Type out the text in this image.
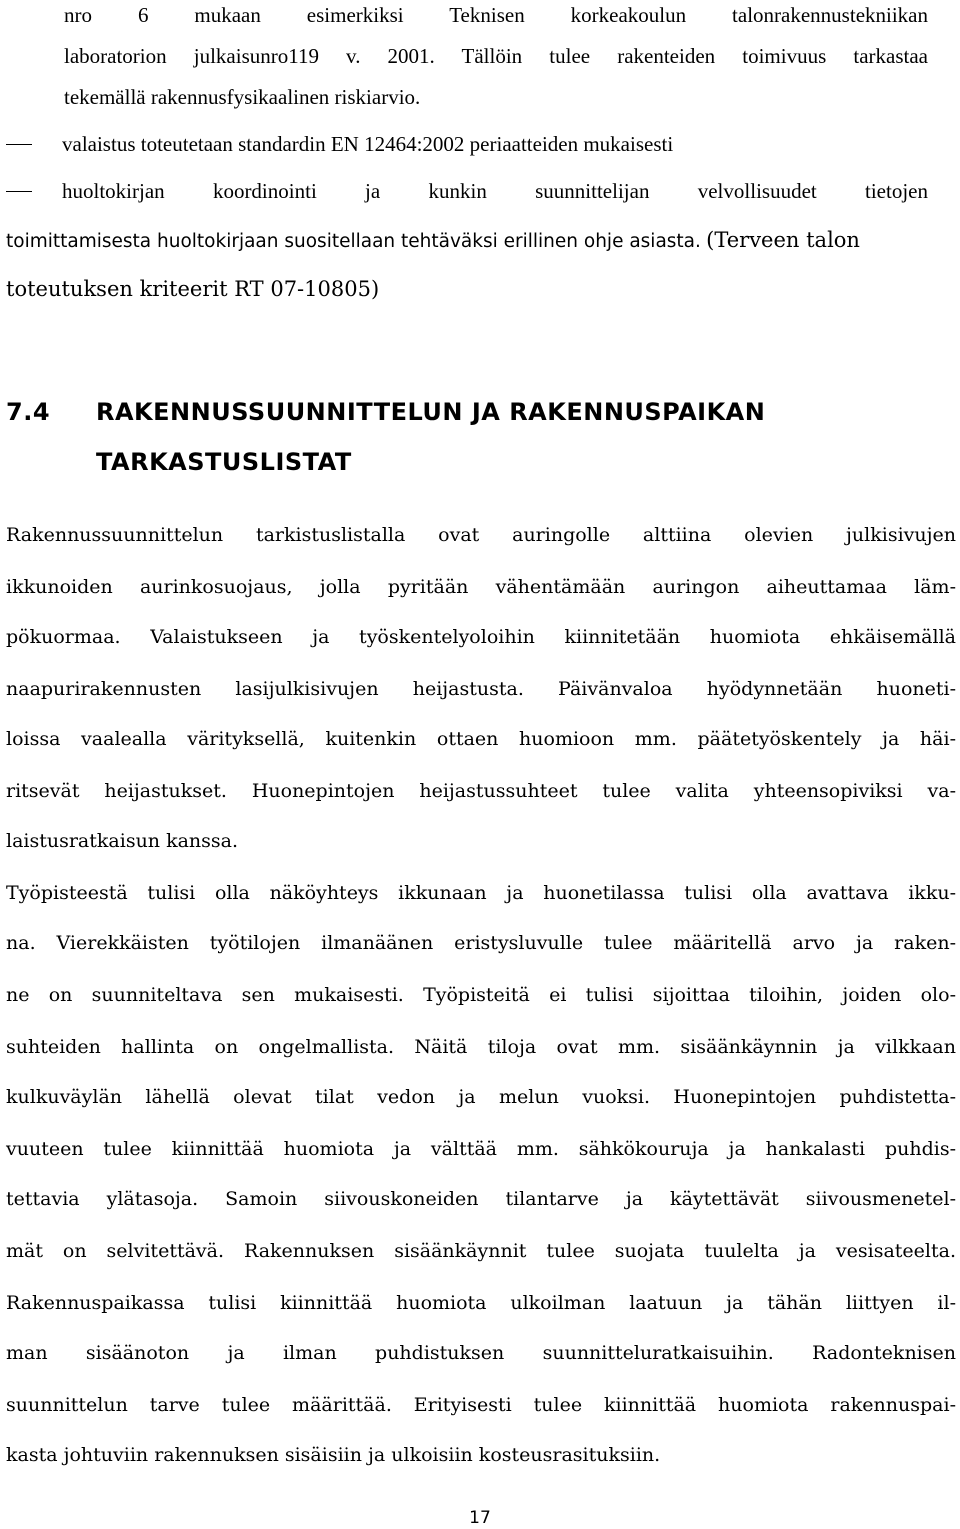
nro 6 mukaan esimerkiksi Teknisen korkeakoulun talonrakennustekniikan
laboratorion julkaisunro119 v. 2001. Tällöin tulee rakenteiden toimivuus tarkastaa
tekemällä rakennusfysikaalinen riskiarvio.
valaistus toteutetaan standardin EN 12464:2002 periaatteiden mukaisesti
huoltokirjan koordinointi ja kunkin suunnittelijan velvollisuudet tietojen
toimittamisesta huoltokirjaan suositellaan tehtäväksi erillinen ohje asiasta. (Terveen talon
toteutuksen kriteerit RT 07-10805)
7.4 RAKENNUSSUUNNITTELUN JA RAKENNUSPAIKAN
TARKASTUSLISTAT
Rakennussuunnittelun tarkistuslistalla ovat auringolle alttiina olevien julkisivujen
ikkunoiden aurinkosuojaus, jolla pyritään vähentämään auringon aiheuttamaa läm-
pökuormaa. Valaistukseen ja työskentelyoloihin kiinnitetään huomiota ehkäisemällä
naapurirakennusten lasijulkisivujen heijastusta. Päivänvaloa hyödynnetään huoneti-
loissa vaalealla värityksellä, kuitenkin ottaen huomioon mm. päätetyöskentely ja häi-
ritsevät heijastukset. Huonepintojen heijastussuhteet tulee valita yhteensopiviksi va-
laistusratkaisun kanssa.
Työpisteestä tulisi olla näköyhteys ikkunaan ja huonetilassa tulisi olla avattava ikku-
na. Vierekkäisten työtilojen ilmanäänen eristysluvulle tulee määritellä arvo ja raken-
ne on suunniteltava sen mukaisesti. Työpisteitä ei tulisi sijoittaa tiloihin, joiden olo-
suhteiden hallinta on ongelmallista. Näitä tiloja ovat mm. sisäänkäynnin ja vilkkaan
kulkuväylän lähellä olevat tilat vedon ja melun vuoksi. Huonepintojen puhdistetta-
vuuteen tulee kiinnittää huomiota ja välttää mm. sähkökouruja ja hankalasti puhdis-
tettavia ylätasoja. Samoin siivouskoneiden tilantarve ja käytettävät siivousmenetel-
mät on selvitettävä. Rakennuksen sisäänkäynnit tulee suojata tuulelta ja vesisateelta.
Rakennuspaikassa tulisi kiinnittää huomiota ulkoilman laatuun ja tähän liittyen il-
man sisäänoton ja ilman puhdistuksen suunnitteluratkaisuihin. Radonteknisen
suunnittelun tarve tulee määrittää. Erityisesti tulee kiinnittää huomiota rakennuspai-
kasta johtuviin rakennuksen sisäisiin ja ulkoisiin kosteusrasituksiin.
17
